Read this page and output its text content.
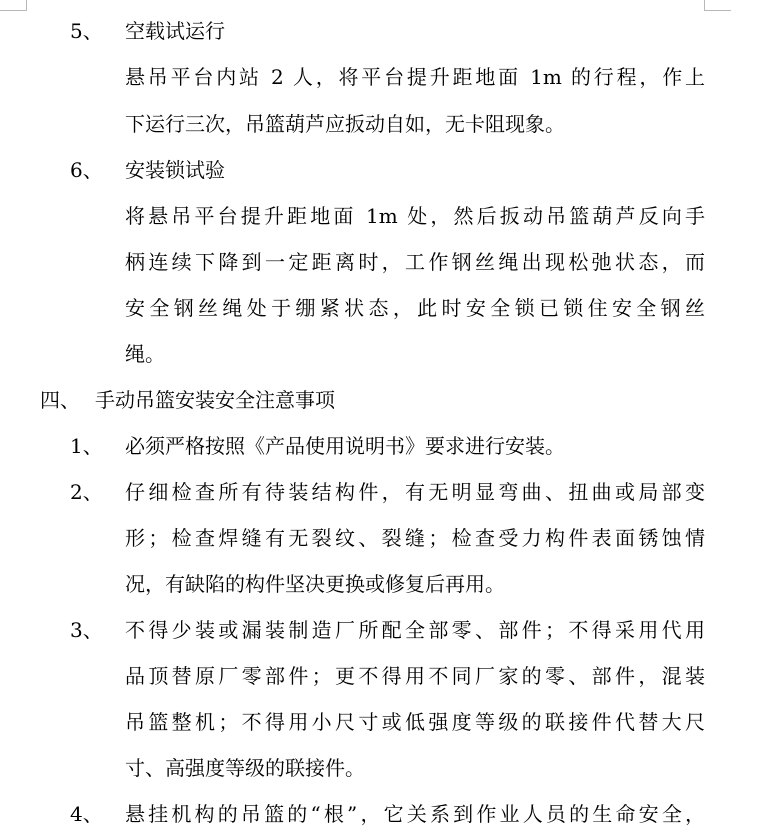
5、 空载试运行
悬吊平台内站 2 人，将平台提升距地面 1m 的行程，作上
下运行三次，吊篮葫芦应扳动自如，无卡阻现象。
6、 安装锁试验
将悬吊平台提升距地面 1m 处，然后扳动吊篮葫芦反向手
柄连续下降到一定距离时，工作钢丝绳出现松弛状态，而
安全钢丝绳处于绷紧状态，此时安全锁已锁住安全钢丝
绳。
四、 手动吊篮安装安全注意事项
1、 必须严格按照《产品使用说明书》要求进行安装。
2、 仔细检查所有待装结构件，有无明显弯曲、扭曲或局部变
形；检查焊缝有无裂纹、裂缝；检查受力构件表面锈蚀情
况，有缺陷的构件坚决更换或修复后再用。
3、 不得少装或漏装制造厂所配全部零、部件；不得采用代用
品顶替原厂零部件；更不得用不同厂家的零、部件，混装
吊篮整机；不得用小尺寸或低强度等级的联接件代替大尺
寸、高强度等级的联接件。
4、 悬挂机构的吊篮的“根”，它关系到作业人员的生命安全，
